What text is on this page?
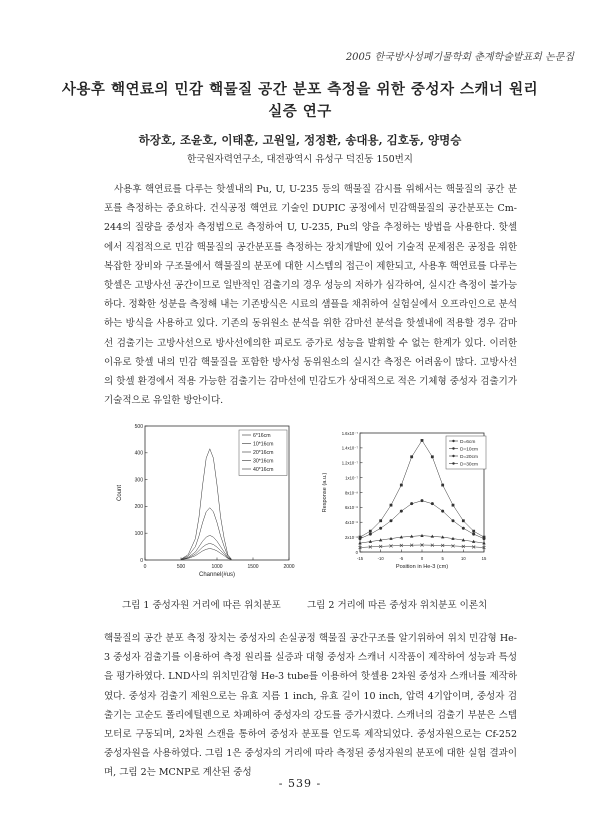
2005 한국방사성폐기물학회 춘계학술발표회 논문집
사용후 핵연료의 민감 핵물질 공간 분포 측정을 위한 중성자 스캐너 원리
실증 연구
하장호, 조윤호, 이태훈, 고원일, 정정환, 송대용, 김호동, 양명승
한국원자력연구소, 대전광역시 유성구 덕진동 150번지

사용후 핵연료를 다루는 핫셀내의 Pu, U, U-235 등의 핵물질 감시를 위해서는 핵물질의 공간 분포를 측정하는 중요하다. 건식공정 핵연료 기술인 DUPIC 공정에서 민감핵물질의 공간분포는 Cm-244의 질량을 중성자 측정법으로 측정하여 U, U-235, Pu의 양을 추정하는 방법을 사용한다. 핫셀에서 직접적으로 민감 핵물질의 공간분포를 측정하는 장치개발에 있어 기술적 문제점은 공정을 위한 복잡한 장비와 구조물에서 핵물질의 분포에 대한 시스템의 접근이 제한되고, 사용후 핵연료를 다루는 핫셀은 고방사선 공간이므로 일반적인 검출기의 경우 성능의 저하가 심각하여, 실시간 측정이 불가능하다. 정확한 성분을 측정해 내는 기존방식은 시료의 샘플을 채취하여 실험실에서 오프라인으로 분석하는 방식을 사용하고 있다. 기존의 동위원소 분석을 위한 감마선 분석을 핫셀내에 적용할 경우 감마선 검출기는 고방사선으로 방사선에의한 피로도 증가로 성능을 발휘할 수 없는 한계가 있다. 이러한 이유로 핫셀 내의 민감 핵물질을 포함한 방사성 동위원소의 실시간 측정은 어려움이 많다. 고방사선의 핫셀 환경에서 적용 가능한 검출기는 감마선에 민감도가 상대적으로 적은 기체형 중성자 검출기가 기술적으로 유일한 방안이다.

0	500	1000	1500	2000
0
100
200
300
400
500
Channel(#us)
Count
6*16cm
10*16cm
20*16cm
30*16cm
40*16cm
-15	-10	-5	0	5	10	15
0
2x10⁻⁸
4x10⁻⁸
6x10⁻⁸
8x10⁻⁸
1x10⁻⁷
1.2x10⁻⁷
1.4x10⁻⁷
1.6x10⁻⁷
Position in He-3 (cm)
Response (a.u.)
D=6cm
D=10cm
D=20cm
D=30cm
그림 1 중성자원 거리에 따른 위치분포	그림 2 거리에 따른 중성자 위치분포 이론치

핵물질의 공간 분포 측정 장치는 중성자의 손실공정 핵물질 공간구조를 알기위하여 위치 민감형 He-3 중성자 검출기를 이용하여 측정 원리를 실증과 대형 중성자 스캐너 시작품이 제작하여 성능과 특성을 평가하였다. LND사의 위치민감형 He-3 tube를 이용하여 핫셀용 2차원 중성자 스캐너를 제작하였다. 중성자 검출기 제원으로는 유효 지름 1 inch, 유효 길이 10 inch, 압력 4기압이며, 중성자 검출기는 고순도 폴리에틸렌으로 차폐하여 중성자의 강도를 증가시켰다. 스캐너의 검출기 부분은 스텝모터로 구동되며, 2차원 스캔을 통하여 중성자 분포를 얻도록 제작되었다. 중성자원으로는 Cf-252 중성자원을 사용하였다. 그림 1은 중성자의 거리에 따라 측정된 중성자원의 분포에 대한 실험 결과이며, 그림 2는 MCNP로 계산된 중성

- 539 -
